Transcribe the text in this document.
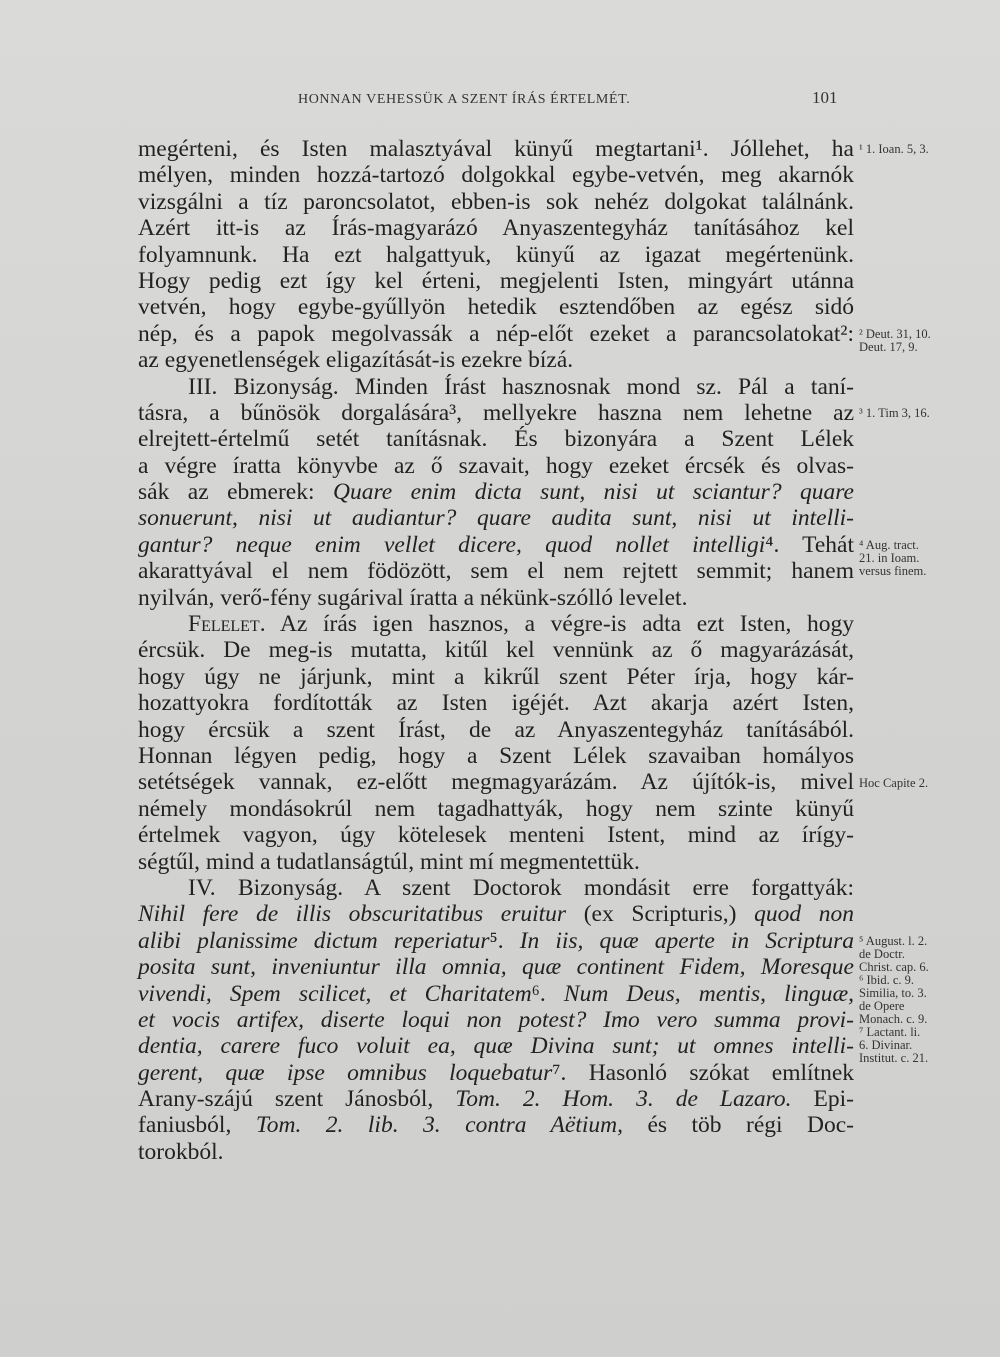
HONNAN VEHESSÜK A SZENT ÍRÁS ÉRTELMÉT.	101
megérteni, és Isten malasztyával künyű megtartani¹. Jóllehet, ha
mélyen, minden hozzá-tartozó dolgokkal egybe-vetvén, meg akarnók
vizsgálni a tíz paroncsolatot, ebben-is sok nehéz dolgokat találnánk.
Azért itt-is az Írás-magyarázó Anyaszentegyház tanításához kel
folyamnunk. Ha ezt halgattyuk, künyű az igazat megértenünk.
Hogy pedig ezt így kel érteni, megjelenti Isten, mingyárt utánna
vetvén, hogy egybe-gyűllyön hetedik esztendőben az egész sidó
nép, és a papok megolvassák a nép-előt ezeket a parancsolatokat²:
az egyenetlenségek eligazítását-is ezekre bízá.
III. Bizonyság. Minden Írást hasznosnak mond sz. Pál a taní-
tásra, a bűnösök dorgalására³, mellyekre haszna nem lehetne az
elrejtett-értelmű setét tanításnak. És bizonyára a Szent Lélek
a végre íratta könyvbe az ő szavait, hogy ezeket ércsék és olvas-
sák az ebmerek: Quare enim dicta sunt, nisi ut sciantur? quare
sonuerunt, nisi ut audiantur? quare audita sunt, nisi ut intelli-
gantur? neque enim vellet dicere, quod nollet intelligi⁴. Tehát
akarattyával el nem födözött, sem el nem rejtett semmit; hanem
nyilván, verő-fény sugárival íratta a nékünk-szólló levelet.
Felelet. Az írás igen hasznos, a végre-is adta ezt Isten, hogy
ércsük. De meg-is mutatta, kitűl kel vennünk az ő magyarázását,
hogy úgy ne járjunk, mint a kikrűl szent Péter írja, hogy kár-
hozattyokra fordították az Isten igéjét. Azt akarja azért Isten,
hogy ércsük a szent Írást, de az Anyaszentegyház tanításából.
Honnan légyen pedig, hogy a Szent Lélek szavaiban homályos
setétségek vannak, ez-előtt megmagyarázám. Az újítók-is, mivel
némely mondásokrúl nem tagadhattyák, hogy nem szinte künyű
értelmek vagyon, úgy kötelesek menteni Istent, mind az írígy-
ségtűl, mind a tudatlanságtúl, mint mí megmentettük.
IV. Bizonyság. A szent Doctorok mondásit erre forgattyák:
Nihil fere de illis obscuritatibus eruitur (ex Scripturis,) quod non
alibi planissime dictum reperiatur⁵. In iis, quæ aperte in Scriptura
posita sunt, inveniuntur illa omnia, quæ continent Fidem, Moresque
vivendi, Spem scilicet, et Charitatem⁶. Num Deus, mentis, linguæ,
et vocis artifex, diserte loqui non potest? Imo vero summa provi-
dentia, carere fuco voluit ea, quæ Divina sunt; ut omnes intelli-
gerent, quæ ipse omnibus loquebatur⁷. Hasonló szókat említnek
Arany-szájú szent Jánosból, Tom. 2. Hom. 3. de Lazaro. Epi-
faniusból, Tom. 2. lib. 3. contra Aëtium, és töb régi Doc-
torokból.
¹ 1. Ioan. 5, 3.
² Deut. 31, 10.
Deut. 17, 9.
³ 1. Tim 3, 16.
⁴ Aug. tract.
21. in Ioam.
versus finem.
Hoc Capite 2.
⁵ August. l. 2.
de Doctr.
Christ. cap. 6.
⁶ Ibid. c. 9.
Similia, to. 3.
de Opere
Monach. c. 9.
⁷ Lactant. li.
6. Divinar.
Institut. c. 21.
